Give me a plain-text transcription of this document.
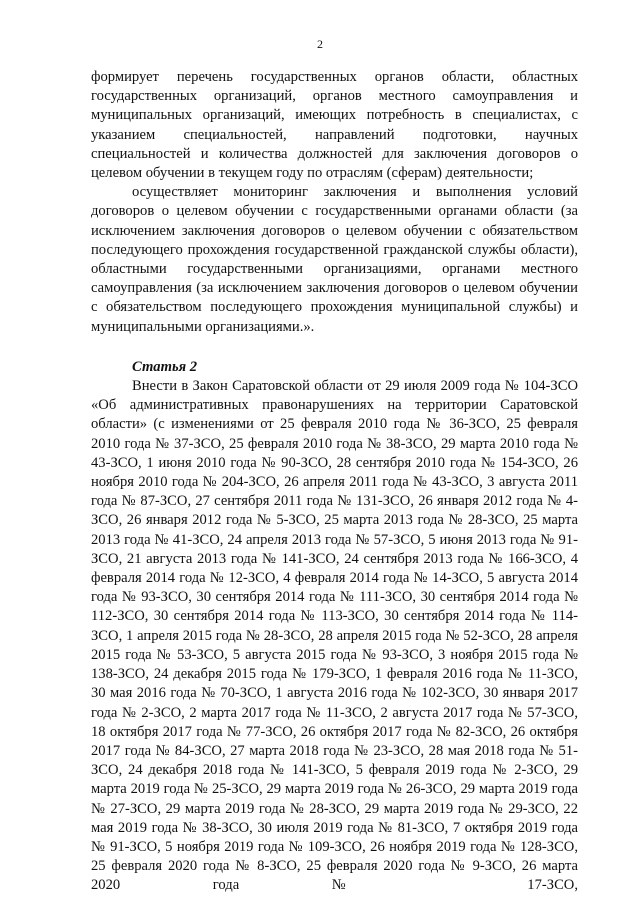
2

формирует перечень государственных органов области, областных государственных организаций, органов местного самоуправления и муниципальных организаций, имеющих потребность в специалистах, с указанием специальностей, направлений подготовки, научных специальностей и количества должностей для заключения договоров о целевом обучении в текущем году по отраслям (сферам) деятельности;

осуществляет мониторинг заключения и выполнения условий договоров о целевом обучении с государственными органами области (за исключением заключения договоров о целевом обучении с обязательством последующего прохождения государственной гражданской службы области), областными государственными организациями, органами местного самоуправления (за исключением заключения договоров о целевом обучении с обязательством последующего прохождения муниципальной службы) и муниципальными организациями.».

Статья 2

Внести в Закон Саратовской области от 29 июля 2009 года № 104-ЗСО «Об административных правонарушениях на территории Саратовской области» (с изменениями от 25 февраля 2010 года № 36-ЗСО, 25 февраля 2010 года № 37-ЗСО, 25 февраля 2010 года № 38-ЗСО, 29 марта 2010 года № 43-ЗСО, 1 июня 2010 года № 90-ЗСО, 28 сентября 2010 года № 154-ЗСО, 26 ноября 2010 года № 204-ЗСО, 26 апреля 2011 года № 43-ЗСО, 3 августа 2011 года № 87-ЗСО, 27 сентября 2011 года № 131-ЗСО, 26 января 2012 года № 4-ЗСО, 26 января 2012 года № 5-ЗСО, 25 марта 2013 года № 28-ЗСО, 25 марта 2013 года № 41-ЗСО, 24 апреля 2013 года № 57-ЗСО, 5 июня 2013 года № 91-ЗСО, 21 августа 2013 года № 141-ЗСО, 24 сентября 2013 года № 166-ЗСО, 4 февраля 2014 года № 12-ЗСО, 4 февраля 2014 года № 14-ЗСО, 5 августа 2014 года № 93-ЗСО, 30 сентября 2014 года № 111-ЗСО, 30 сентября 2014 года № 112-ЗСО, 30 сентября 2014 года № 113-ЗСО, 30 сентября 2014 года № 114-ЗСО, 1 апреля 2015 года № 28-ЗСО, 28 апреля 2015 года № 52-ЗСО, 28 апреля 2015 года № 53-ЗСО, 5 августа 2015 года № 93-ЗСО, 3 ноября 2015 года № 138-ЗСО, 24 декабря 2015 года № 179-ЗСО, 1 февраля 2016 года № 11-ЗСО, 30 мая 2016 года № 70-ЗСО, 1 августа 2016 года № 102-ЗСО, 30 января 2017 года № 2-ЗСО, 2 марта 2017 года № 11-ЗСО, 2 августа 2017 года № 57-ЗСО, 18 октября 2017 года № 77-ЗСО, 26 октября 2017 года № 82-ЗСО, 26 октября 2017 года № 84-ЗСО, 27 марта 2018 года № 23-ЗСО, 28 мая 2018 года № 51-ЗСО, 24 декабря 2018 года № 141-ЗСО, 5 февраля 2019 года № 2-ЗСО, 29 марта 2019 года № 25-ЗСО, 29 марта 2019 года № 26-ЗСО, 29 марта 2019 года № 27-ЗСО, 29 марта 2019 года № 28-ЗСО, 29 марта 2019 года № 29-ЗСО, 22 мая 2019 года № 38-ЗСО, 30 июля 2019 года № 81-ЗСО, 7 октября 2019 года № 91-ЗСО, 5 ноября 2019 года № 109-ЗСО, 26 ноября 2019 года № 128-ЗСО, 25 февраля 2020 года № 8-ЗСО, 25 февраля 2020 года № 9-ЗСО, 26 марта 2020 года № 17-ЗСО,
